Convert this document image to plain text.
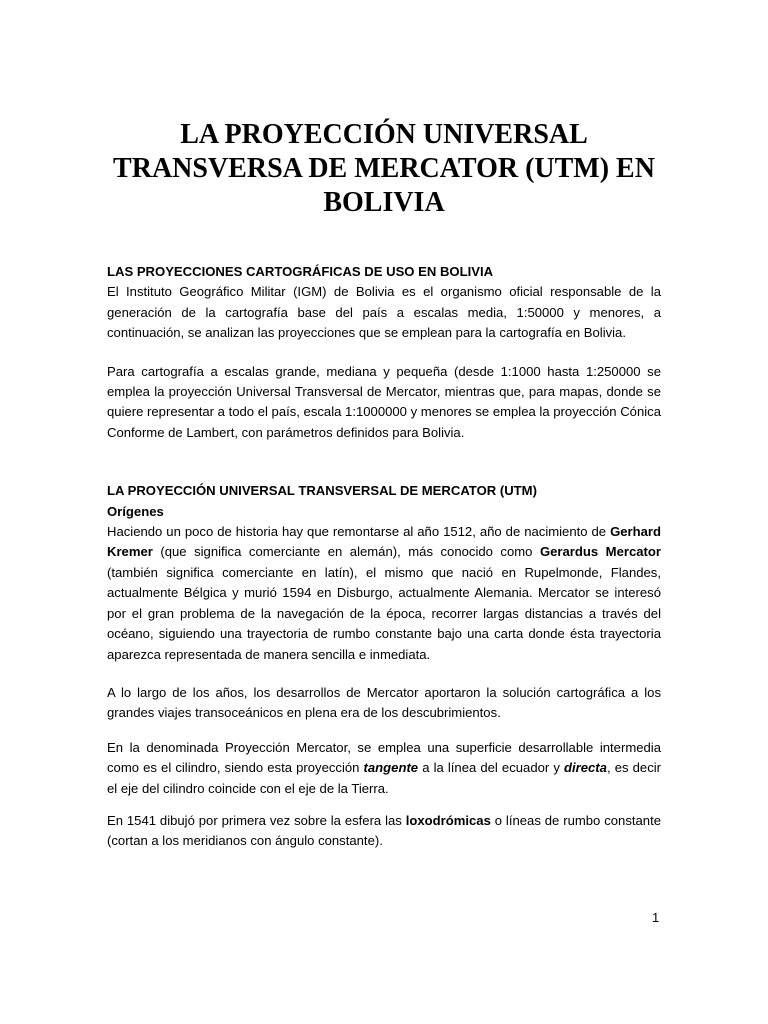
LA PROYECCIÓN UNIVERSAL TRANSVERSA DE MERCATOR (UTM) EN BOLIVIA

LAS PROYECCIONES CARTOGRÁFICAS DE USO EN BOLIVIA

El Instituto Geográfico Militar (IGM) de Bolivia es el organismo oficial responsable de la generación de la cartografía base del país a escalas media, 1:50000 y menores, a continuación, se analizan las proyecciones que se emplean para la cartografía en Bolivia.

Para cartografía a escalas grande, mediana y pequeña (desde 1:1000 hasta 1:250000 se emplea la proyección Universal Transversal de Mercator, mientras que, para mapas, donde se quiere representar a todo el país, escala 1:1000000 y menores se emplea la proyección Cónica Conforme de Lambert, con parámetros definidos para Bolivia.

LA PROYECCIÓN UNIVERSAL TRANSVERSAL DE MERCATOR (UTM)

Orígenes

Haciendo un poco de historia hay que remontarse al año 1512, año de nacimiento de Gerhard Kremer (que significa comerciante en alemán), más conocido como Gerardus Mercator (también significa comerciante en latín), el mismo que nació en Rupelmonde, Flandes, actualmente Bélgica y murió 1594 en Disburgo, actualmente Alemania. Mercator se interesó por el gran problema de la navegación de la época, recorrer largas distancias a través del océano, siguiendo una trayectoria de rumbo constante bajo una carta donde ésta trayectoria aparezca representada de manera sencilla e inmediata.

A lo largo de los años, los desarrollos de Mercator aportaron la solución cartográfica a los grandes viajes transoceánicos en plena era de los descubrimientos.

En la denominada Proyección Mercator, se emplea una superficie desarrollable intermedia como es el cilindro, siendo esta proyección tangente a la línea del ecuador y directa, es decir el eje del cilindro coincide con el eje de la Tierra.

En 1541 dibujó por primera vez sobre la esfera las loxodrómicas o líneas de rumbo constante (cortan a los meridianos con ángulo constante).

1
